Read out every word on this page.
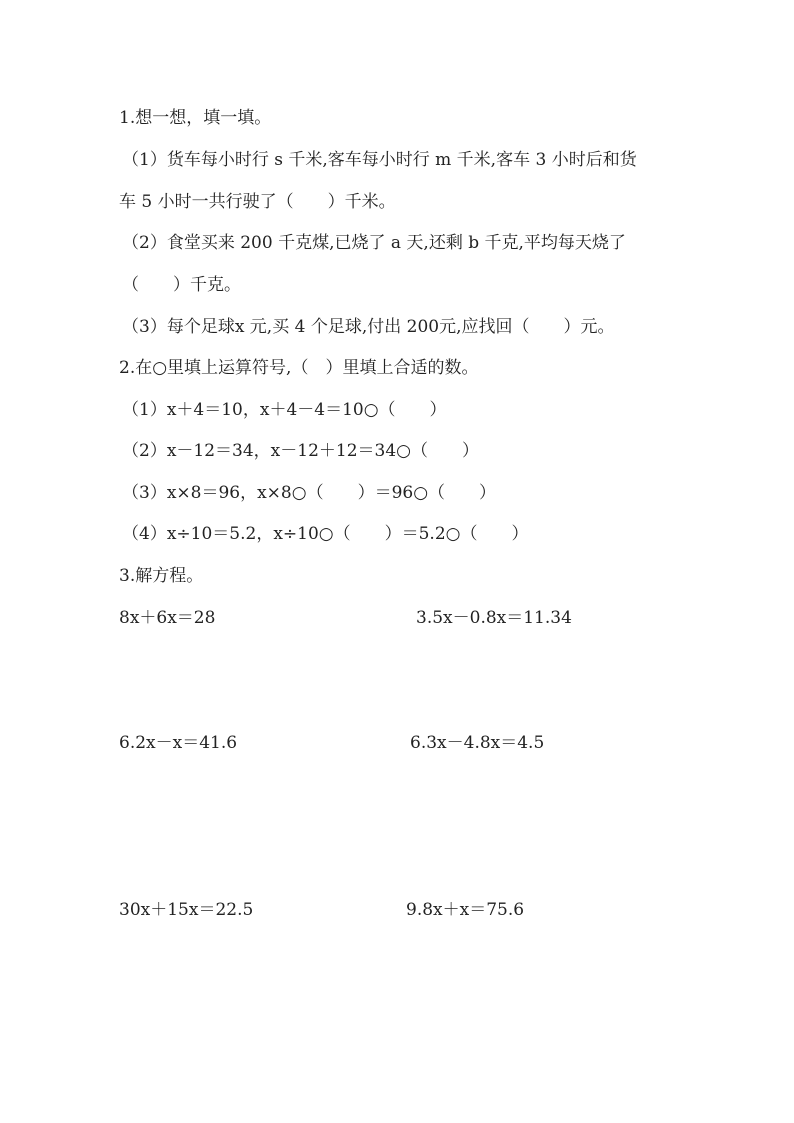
1.想一想，填一填。
（1）货车每小时行 s 千米,客车每小时行 m 千米,客车 3 小时后和货
车 5 小时一共行驶了（　　）千米。
（2）食堂买来 200 千克煤,已烧了 a 天,还剩 b 千克,平均每天烧了
（　　）千克。
（3）每个足球x 元,买 4 个足球,付出 200元,应找回（　　）元。
2.在○里填上运算符号,（　）里填上合适的数。
（1）x＋4＝10，x＋4－4＝10○（　　）
（2）x－12＝34，x－12＋12＝34○（　　）
（3）x×8＝96，x×8○（　　）＝96○（　　）
（4）x÷10＝5.2，x÷10○（　　）＝5.2○（　　）
3.解方程。
8x＋6x＝28	3.5x－0.8x＝11.34
6.2x－x＝41.6	6.3x－4.8x＝4.5
30x＋15x＝22.5	9.8x＋x＝75.6
